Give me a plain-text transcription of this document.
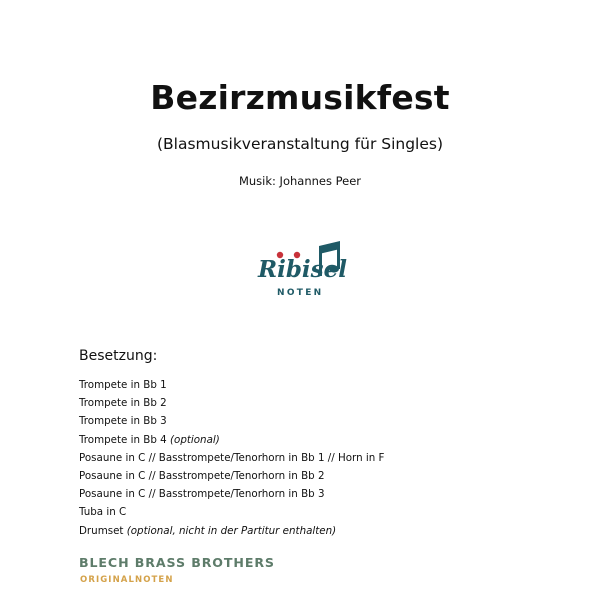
Bezirzmusikfest
(Blasmusikveranstaltung für Singles)
Musik: Johannes Peer
Ribisel
NOTEN
Besetzung:
Trompete in Bb 1
Trompete in Bb 2
Trompete in Bb 3
Trompete in Bb 4 (optional)
Posaune in C // Basstrompete/Tenorhorn in Bb 1 // Horn in F
Posaune in C // Basstrompete/Tenorhorn in Bb 2
Posaune in C // Basstrompete/Tenorhorn in Bb 3
Tuba in C
Drumset (optional, nicht in der Partitur enthalten)
BLECH BRASS BROTHERS
ORIGINALNOTEN
